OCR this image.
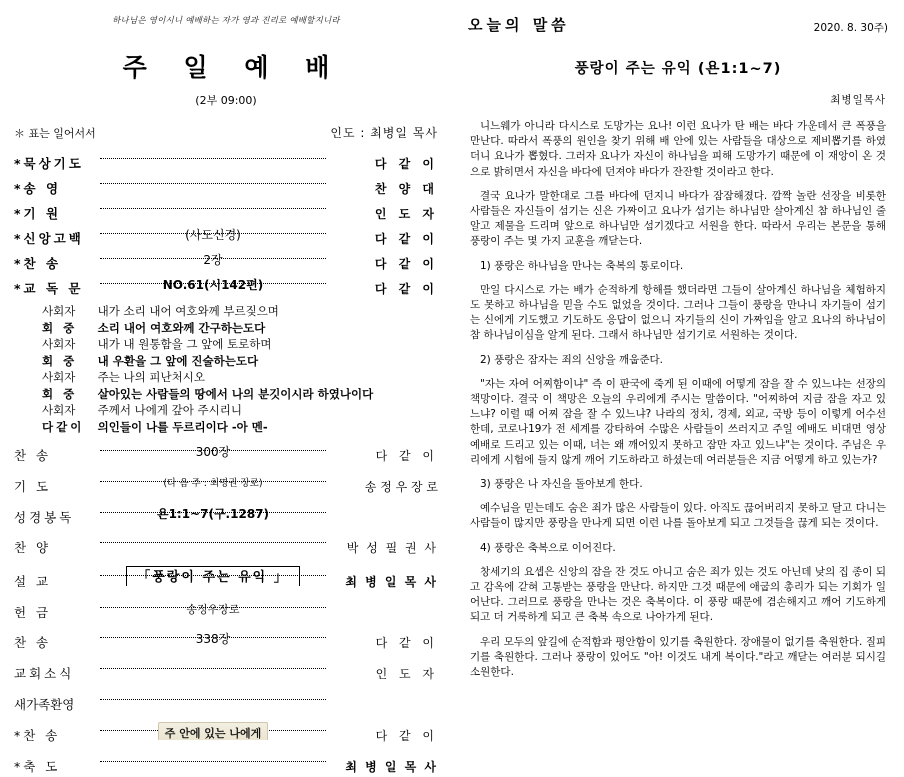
하나님은 영이시니 예배하는 자가 영과 진리로 예배할지니라
주 일 예 배
(2부 09:00)
＊ 표는 일어서서	인도 : 최병일 목사
*묵상기도	다 같 이
*송 영	찬 양 대
*기 원	인 도 자
*신앙고백	(사도신경)	다 같 이
*찬 송	2장	다 같 이
*교 독 문	NO.61(시142편)	다 같 이
사회자 내가 소리 내어 여호와께 부르짖으며
회 중 소리 내어 여호와께 간구하는도다
사회자 내가 내 원통함을 그 앞에 토로하며
회 중 내 우환을 그 앞에 진술하는도다
사회자 주는 나의 피난처시오
회 중 살아있는 사람들의 땅에서 나의 분깃이시라 하였나이다
사회자 주께서 나에게 갚아 주시리니
다같이 의인들이 나를 두르리이다 -아 멘-
찬 송	300장	다 같 이
기 도	(다 음 주 : 최명권 장로)	송 정 우 장 로
성경봉독	욘1:1~7(구.1287)
찬 양	박 성 필 권 사
설 교	「풍랑이 주는 유익 」	최 병 일 목 사
헌 금	송정우장로
찬 송	338장	다 같 이
교회소식	인 도 자
새가족환영
*찬 송	주 안에 있는 나에게	다 같 이
*축 도	최 병 일 목 사
오늘의 말씀	2020. 8. 30주)
풍랑이 주는 유익 (욘1:1~7)
최병일목사

니느웨가 아니라 다시스로 도망가는 요나! 이런 요나가 탄 배는 바다 가운데서 큰 폭풍을 만난다. 따라서 폭풍의 원인을 찾기 위해 배 안에 있는 사람들을 대상으로 제비뽑기를 하였더니 요나가 뽑혔다. 그러자 요나가 자신이 하나님을 피해 도망가기 때문에 이 재앙이 온 것으로 밝히면서 자신을 바다에 던져야 바다가 잔잔할 것이라고 한다.

결국 요나가 말한대로 그를 바다에 던지니 바다가 잠잠해졌다. 깜짝 놀란 선장을 비롯한 사람들은 자신들이 섬기는 신은 가짜이고 요나가 섬기는 하나님만 살아계신 참 하나님인 줄 알고 제물을 드리며 앞으로 하나님만 섬기겠다고 서원을 한다. 따라서 우리는 본문을 통해 풍랑이 주는 몇 가지 교훈을 깨닫는다.

1) 풍랑은 하나님을 만나는 축복의 통로이다.

만일 다시스로 가는 배가 순적하게 항해를 했더라면 그들이 살아계신 하나님을 체험하지도 못하고 하나님을 믿을 수도 없었을 것이다. 그러나 그들이 풍랑을 만나니 자기들이 섬기는 신에게 기도했고 기도하도 응답이 없으니 자기들의 신이 가짜임을 알고 요나의 하나님이 참 하나님이심을 알게 된다. 그래서 하나님만 섬기기로 서원하는 것이다.

2) 풍랑은 잠자는 죄의 신앙을 깨웁준다.

"자는 자여 어찌함이냐" 즉 이 판국에 죽게 된 이때에 어떻게 잠을 잘 수 있느냐는 선장의 책망이다. 결국 이 책망은 오늘의 우리에게 주시는 말씀이다. "어찌하여 지금 잠을 자고 있느냐? 이럴 때 어찌 잠을 잘 수 있느냐? 나라의 정치, 경제, 외교, 국방 등이 이렇게 어수선한데, 코로나19가 전 세계를 강타하여 수많은 사람들이 쓰러지고 주일 예배도 비대면 영상예배로 드리고 있는 이때, 너는 왜 깨어있지 못하고 잠만 자고 있느냐"는 것이다. 주님은 우리에게 시험에 들지 않게 깨어 기도하라고 하셨는데 여러분들은 지금 어떻게 하고 있는가?

3) 풍랑은 나 자신을 돌아보게 한다.

예수님을 믿는데도 숨은 죄가 많은 사람들이 있다. 아직도 끊어버리지 못하고 달고 다니는 사람들이 많지만 풍랑을 만나게 되면 이런 나를 돌아보게 되고 그것들을 끊게 되는 것이다.

4) 풍랑은 축복으로 이어진다.

창세기의 요셉은 신앙의 잠을 잔 것도 아니고 숨은 죄가 있는 것도 아닌데 낮의 집 종이 되고 감옥에 갇혀 고통받는 풍랑을 만난다. 하지만 그것 때문에 애굽의 총리가 되는 기회가 일어난다. 그러므로 풍랑을 만나는 것은 축복이다. 이 풍랑 때문에 겸손해지고 깨어 기도하게 되고 더 거룩하게 되고 큰 축복 속으로 나아가게 된다.

우리 모두의 앞길에 순적함과 평안함이 있기를 축원한다. 장애물이 없기를 축원한다. 질피기를 축원한다. 그러나 풍랑이 있어도 "아! 이것도 내게 복이다."라고 깨닫는 여러분 되시길 소원한다.
